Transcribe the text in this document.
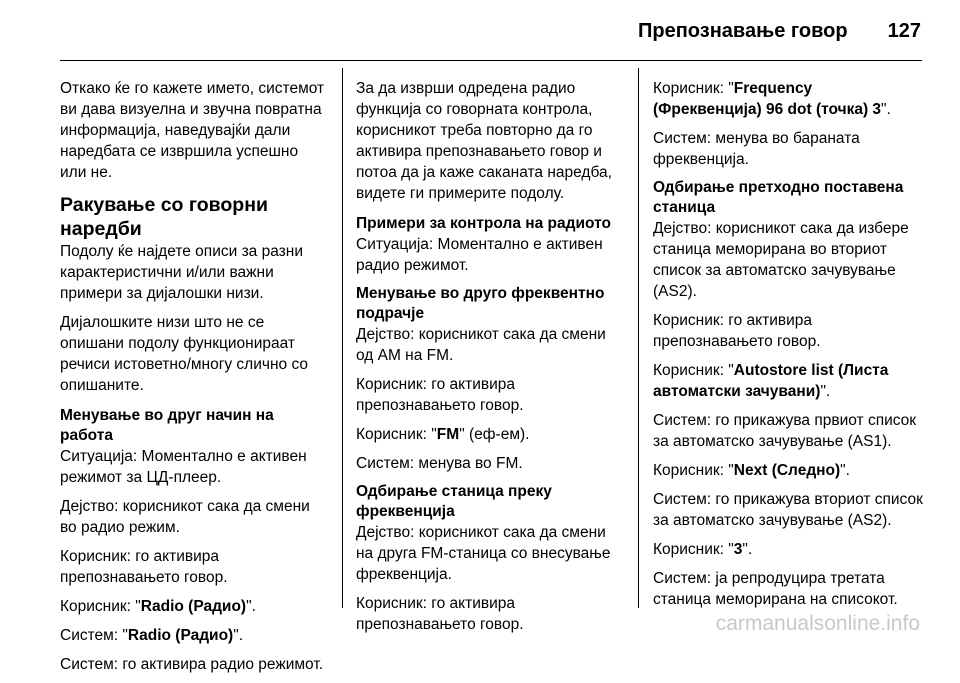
Препознавање говор 127

Откако ќе го кажете името, системот ви дава визуелна и звучна повратна информација, наведувајќи дали наредбата се извршила успешно или не.

Ракување со говорни наредби

Подолу ќе најдете описи за разни карактеристични и/или важни примери за дијалошки низи.

Дијалошките низи што не се опишани подолу функционираат речиси истоветно/многу слично со опишаните.

Менување во друг начин на работа

Ситуација: Моментално е активен режимот за ЦД-плеер.

Дејство: корисникот сака да смени во радио режим.

Корисник: го активира препознавањето говор.

Корисник: "Radio (Радио)".

Систем: "Radio (Радио)".

Систем: го активира радио режимот.

За да изврши одредена радио функција со говорната контрола, корисникот треба повторно да го активира препознавањето говор и потоа да ја каже саканата наредба, видете ги примерите подолу.

Примери за контрола на радиото

Ситуација: Моментално е активен радио режимот.

Менување во друго фреквентно подрачје

Дејство: корисникот сака да смени од AM на FM.

Корисник: го активира препознавањето говор.

Корисник: "FM" (еф-ем).

Систем: менува во FM.

Одбирање станица преку фреквенција

Дејство: корисникот сака да смени на друга FM-станица со внесување фреквенција.

Корисник: го активира препознавањето говор.

Корисник: "Frequency (Фреквенција) 96 dot (точка) 3".

Систем: менува во бараната фреквенција.

Одбирање претходно поставена станица

Дејство: корисникот сака да избере станица меморирана во вториот список за автоматско зачувување (AS2).

Корисник: го активира препознавањето говор.

Корисник: "Autostore list (Листа автоматски зачувани)".

Систем: го прикажува првиот список за автоматско зачувување (AS1).

Корисник: "Next (Следно)".

Систем: го прикажува вториот список за автоматско зачувување (AS2).

Корисник: "3".

Систем: ја репродуцира третата станица меморирана на списокот.

carmanualsonline.info
